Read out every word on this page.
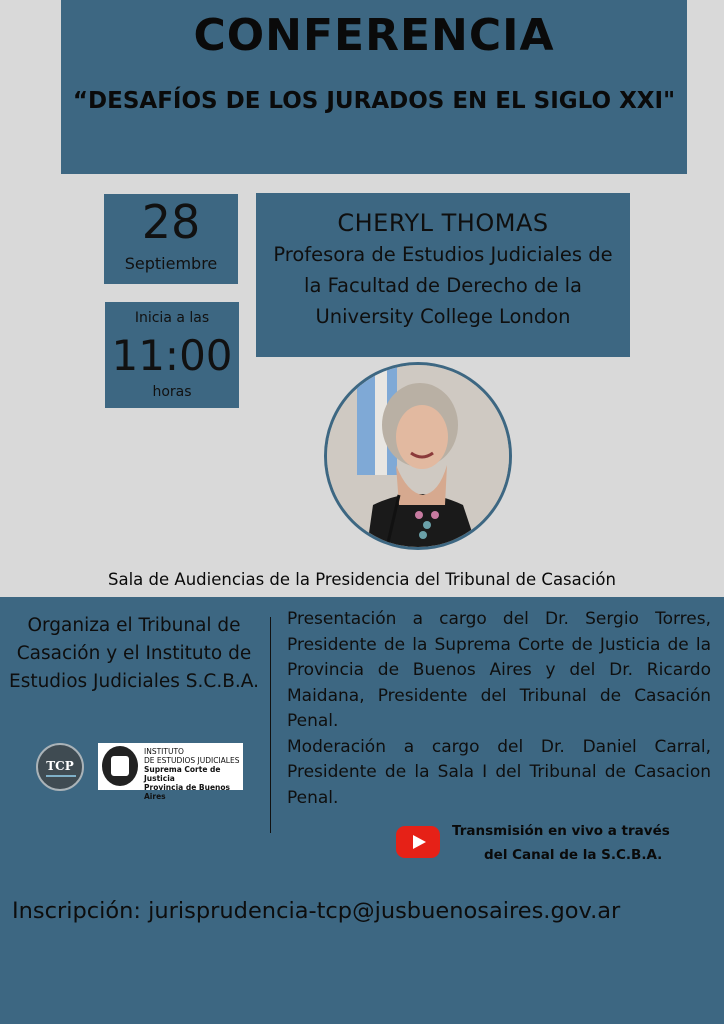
CONFERENCIA
“DESAFÍOS DE LOS JURADOS EN EL SIGLO XXI"
28
Septiembre
Inicia a las
11:00
horas
CHERYL THOMAS
Profesora de Estudios Judiciales de la Facultad de Derecho de la University College London
Sala de Audiencias de la Presidencia del Tribunal de Casación
Organiza el Tribunal de Casación y el Instituto de Estudios Judiciales S.C.B.A.
Presentación a cargo del Dr. Sergio Torres, Presidente de la Suprema Corte de Justicia de la Provincia de Buenos Aires y del Dr. Ricardo Maidana, Presidente del Tribunal de Casación Penal.
Moderación a cargo del Dr. Daniel Carral, Presidente de la Sala I del Tribunal de Casacion Penal.
TCP
INSTITUTO
DE ESTUDIOS JUDICIALES
Suprema Corte de Justicia
Provincia de Buenos Aires
Transmisión en vivo a través
del Canal de la S.C.B.A.
Inscripción: jurisprudencia-tcp@jusbuenosaires.gov.ar
